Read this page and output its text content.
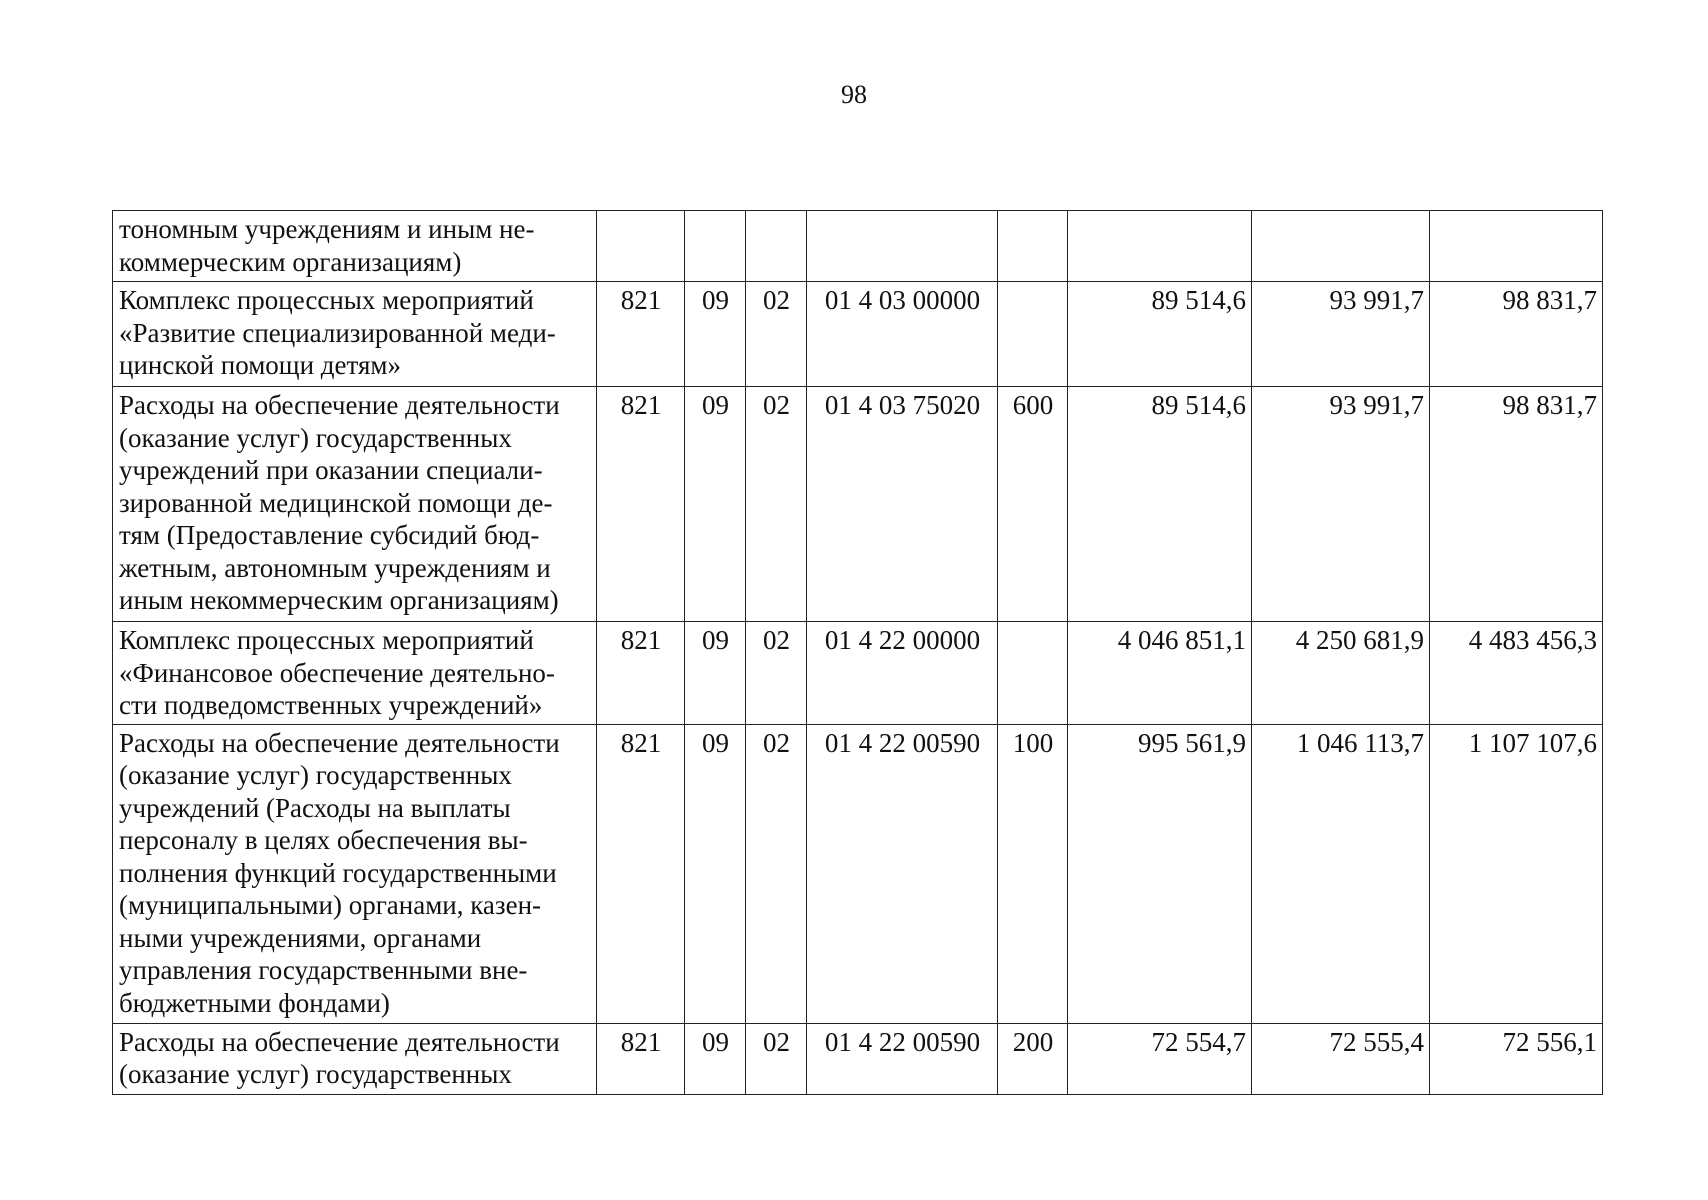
98
тономным учреждениям и иным не-
коммерческим организациям)								
Комплекс процессных мероприятий «Развитие специализированной меди-цинской помощи детям»	821	09	02	01 4 03 00000		89 514,6	93 991,7	98 831,7
Расходы на обеспечение деятельности (оказание услуг) государственных учреждений при оказании специали-зированной медицинской помощи де-тям (Предоставление субсидий бюд-жетным, автономным учреждениям и иным некоммерческим организациям)	821	09	02	01 4 03 75020	600	89 514,6	93 991,7	98 831,7
Комплекс процессных мероприятий «Финансовое обеспечение деятельно-сти подведомственных учреждений»	821	09	02	01 4 22 00000		4 046 851,1	4 250 681,9	4 483 456,3
Расходы на обеспечение деятельности (оказание услуг) государственных учреждений (Расходы на выплаты персоналу в целях обеспечения вы-полнения функций государственными (муниципальными) органами, казен-ными учреждениями, органами управления государственными вне-бюджетными фондами)	821	09	02	01 4 22 00590	100	995 561,9	1 046 113,7	1 107 107,6
Расходы на обеспечение деятельности (оказание услуг) государственных	821	09	02	01 4 22 00590	200	72 554,7	72 555,4	72 556,1
